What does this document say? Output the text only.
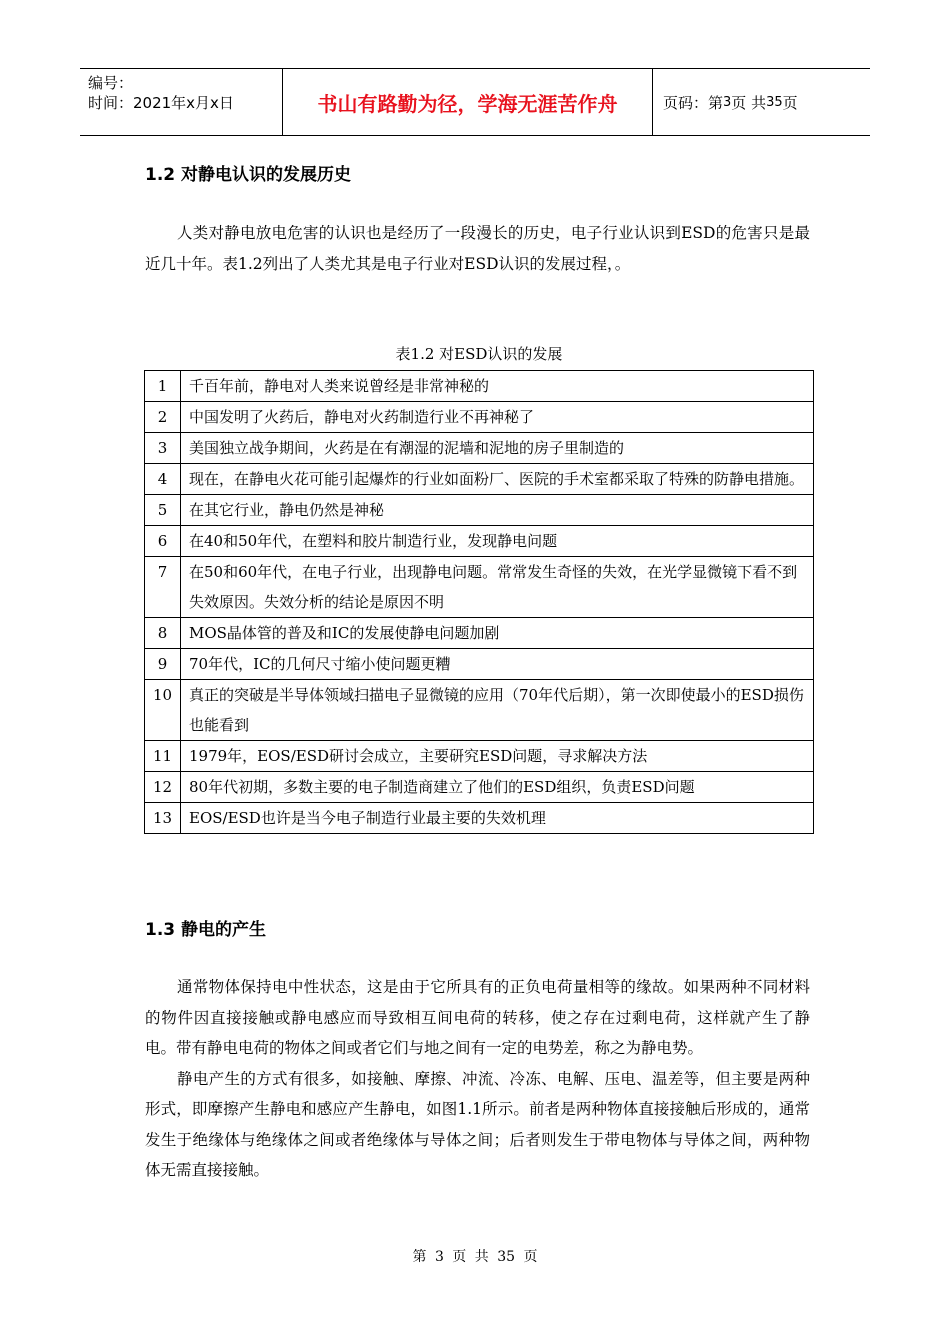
编号：
时间：2021年x月x日	书山有路勤为径，学海无涯苦作舟	页码：第 3 页 共 35 页
1.2 对静电认识的发展历史

人类对静电放电危害的认识也是经历了一段漫长的历史，电子行业认识到ESD的危害只是最近几十年。表1.2列出了人类尤其是电子行业对ESD认识的发展过程，。

表1.2 对ESD认识的发展
1	千百年前，静电对人类来说曾经是非常神秘的
2	中国发明了火药后，静电对火药制造行业不再神秘了
3	美国独立战争期间，火药是在有潮湿的泥墙和泥地的房子里制造的
4	现在，在静电火花可能引起爆炸的行业如面粉厂、医院的手术室都采取了特殊的防静电措施。
5	在其它行业，静电仍然是神秘
6	在40和50年代，在塑料和胶片制造行业，发现静电问题
7	在50和60年代，在电子行业，出现静电问题。常常发生奇怪的失效，在光学显微镜下看不到失效原因。失效分析的结论是原因不明
8	MOS晶体管的普及和IC的发展使静电问题加剧
9	70年代，IC的几何尺寸缩小使问题更糟
10	真正的突破是半导体领域扫描电子显微镜的应用（70年代后期），第一次即使最小的ESD损伤也能看到
11	1979年，EOS/ESD研讨会成立，主要研究ESD问题，寻求解决方法
12	80年代初期，多数主要的电子制造商建立了他们的ESD组织，负责ESD问题
13	EOS/ESD也许是当今电子制造行业最主要的失效机理
1.3 静电的产生

通常物体保持电中性状态，这是由于它所具有的正负电荷量相等的缘故。如果两种不同材料的物件因直接接触或静电感应而导致相互间电荷的转移，使之存在过剩电荷，这样就产生了静电。带有静电电荷的物体之间或者它们与地之间有一定的电势差，称之为静电势。

静电产生的方式有很多，如接触、摩擦、冲流、冷冻、电解、压电、温差等，但主要是两种形式，即摩擦产生静电和感应产生静电，如图1.1所示。前者是两种物体直接接触后形成的，通常发生于绝缘体与绝缘体之间或者绝缘体与导体之间；后者则发生于带电物体与导体之间，两种物体无需直接接触。

第 3 页 共 35 页
